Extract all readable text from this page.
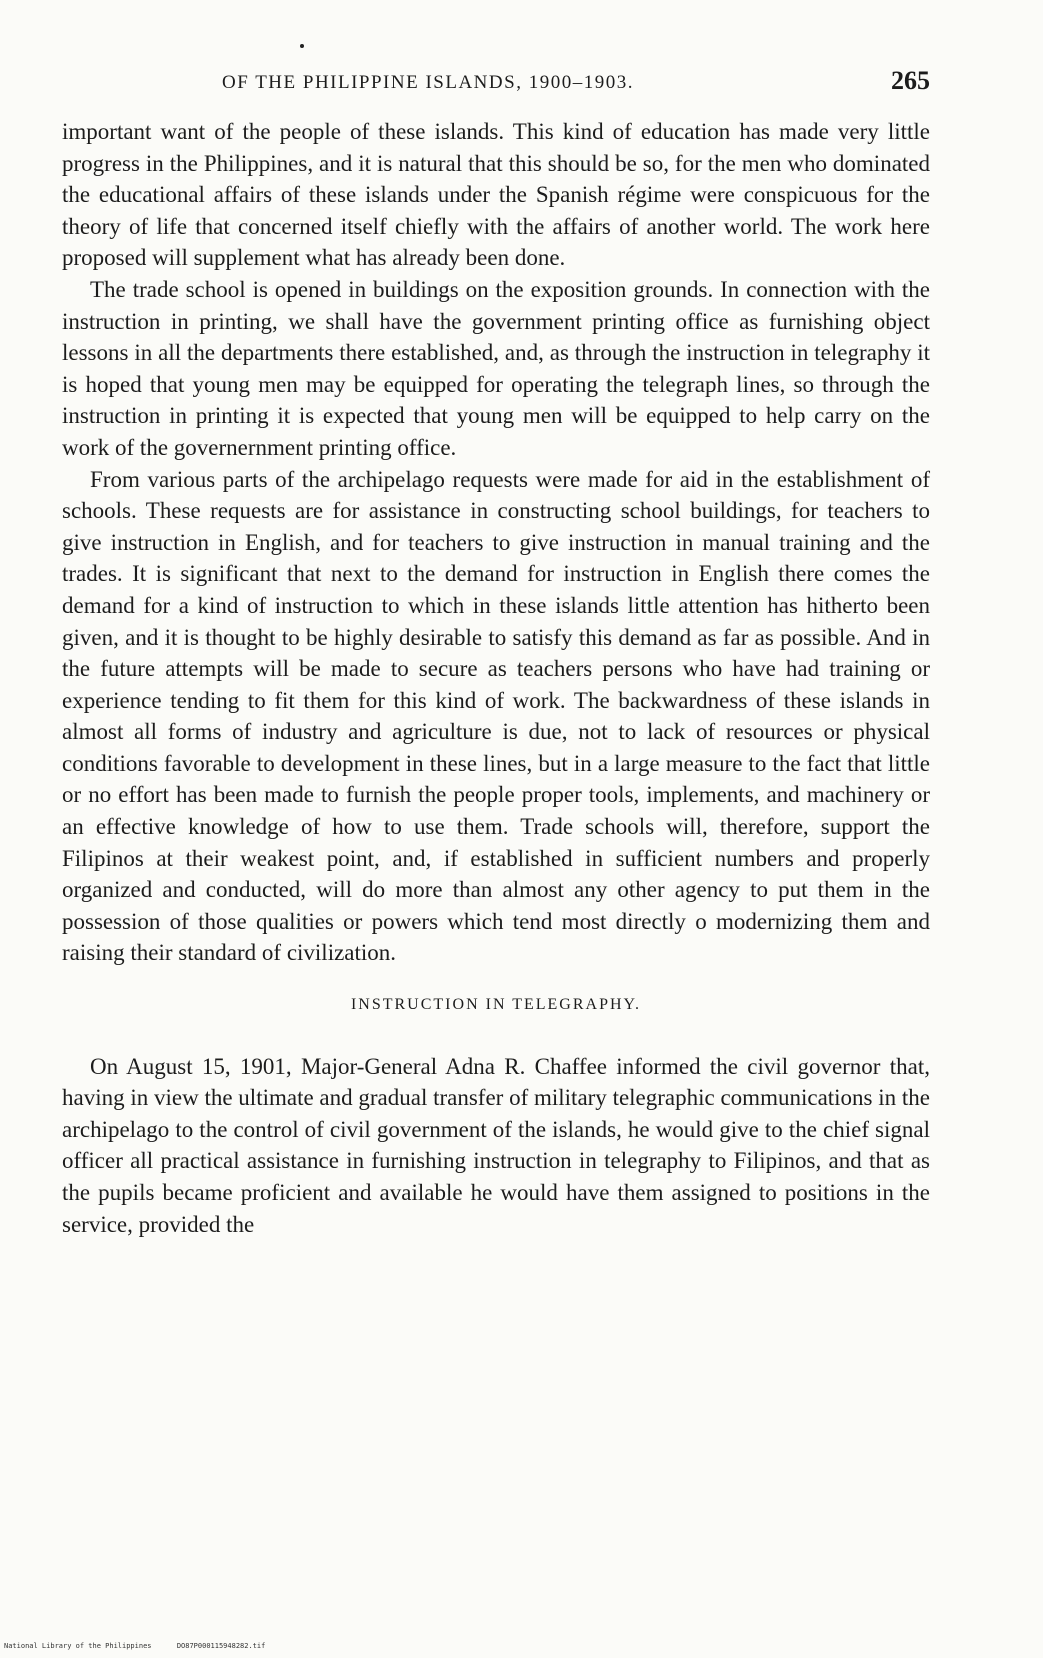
OF THE PHILIPPINE ISLANDS, 1900–1903.	265

important want of the people of these islands. This kind of education has made very little progress in the Philippines, and it is natural that this should be so, for the men who dominated the educational affairs of these islands under the Spanish régime were conspicuous for the theory of life that concerned itself chiefly with the affairs of another world. The work here proposed will supplement what has already been done.

The trade school is opened in buildings on the exposition grounds. In connection with the instruction in printing, we shall have the government printing office as furnishing object lessons in all the departments there established, and, as through the instruction in telegraphy it is hoped that young men may be equipped for operating the telegraph lines, so through the instruction in printing it is expected that young men will be equipped to help carry on the work of the governernment printing office.

From various parts of the archipelago requests were made for aid in the establishment of schools. These requests are for assistance in constructing school buildings, for teachers to give instruction in English, and for teachers to give instruction in manual training and the trades. It is significant that next to the demand for instruction in English there comes the demand for a kind of instruction to which in these islands little attention has hitherto been given, and it is thought to be highly desirable to satisfy this demand as far as possible. And in the future attempts will be made to secure as teachers persons who have had training or experience tending to fit them for this kind of work. The backwardness of these islands in almost all forms of industry and agriculture is due, not to lack of resources or physical conditions favorable to development in these lines, but in a large measure to the fact that little or no effort has been made to furnish the people proper tools, implements, and machinery or an effective knowledge of how to use them. Trade schools will, therefore, support the Filipinos at their weakest point, and, if established in sufficient numbers and properly organized and conducted, will do more than almost any other agency to put them in the possession of those qualities or powers which tend most directly o modernizing them and raising their standard of civilization.

INSTRUCTION IN TELEGRAPHY.

On August 15, 1901, Major-General Adna R. Chaffee informed the civil governor that, having in view the ultimate and gradual transfer of military telegraphic communications in the archipelago to the control of civil government of the islands, he would give to the chief signal officer all practical assistance in furnishing instruction in telegraphy to Filipinos, and that as the pupils became proficient and available he would have them assigned to positions in the service, provided the

National Library of the Philippines	DO87P000115948282.tif
